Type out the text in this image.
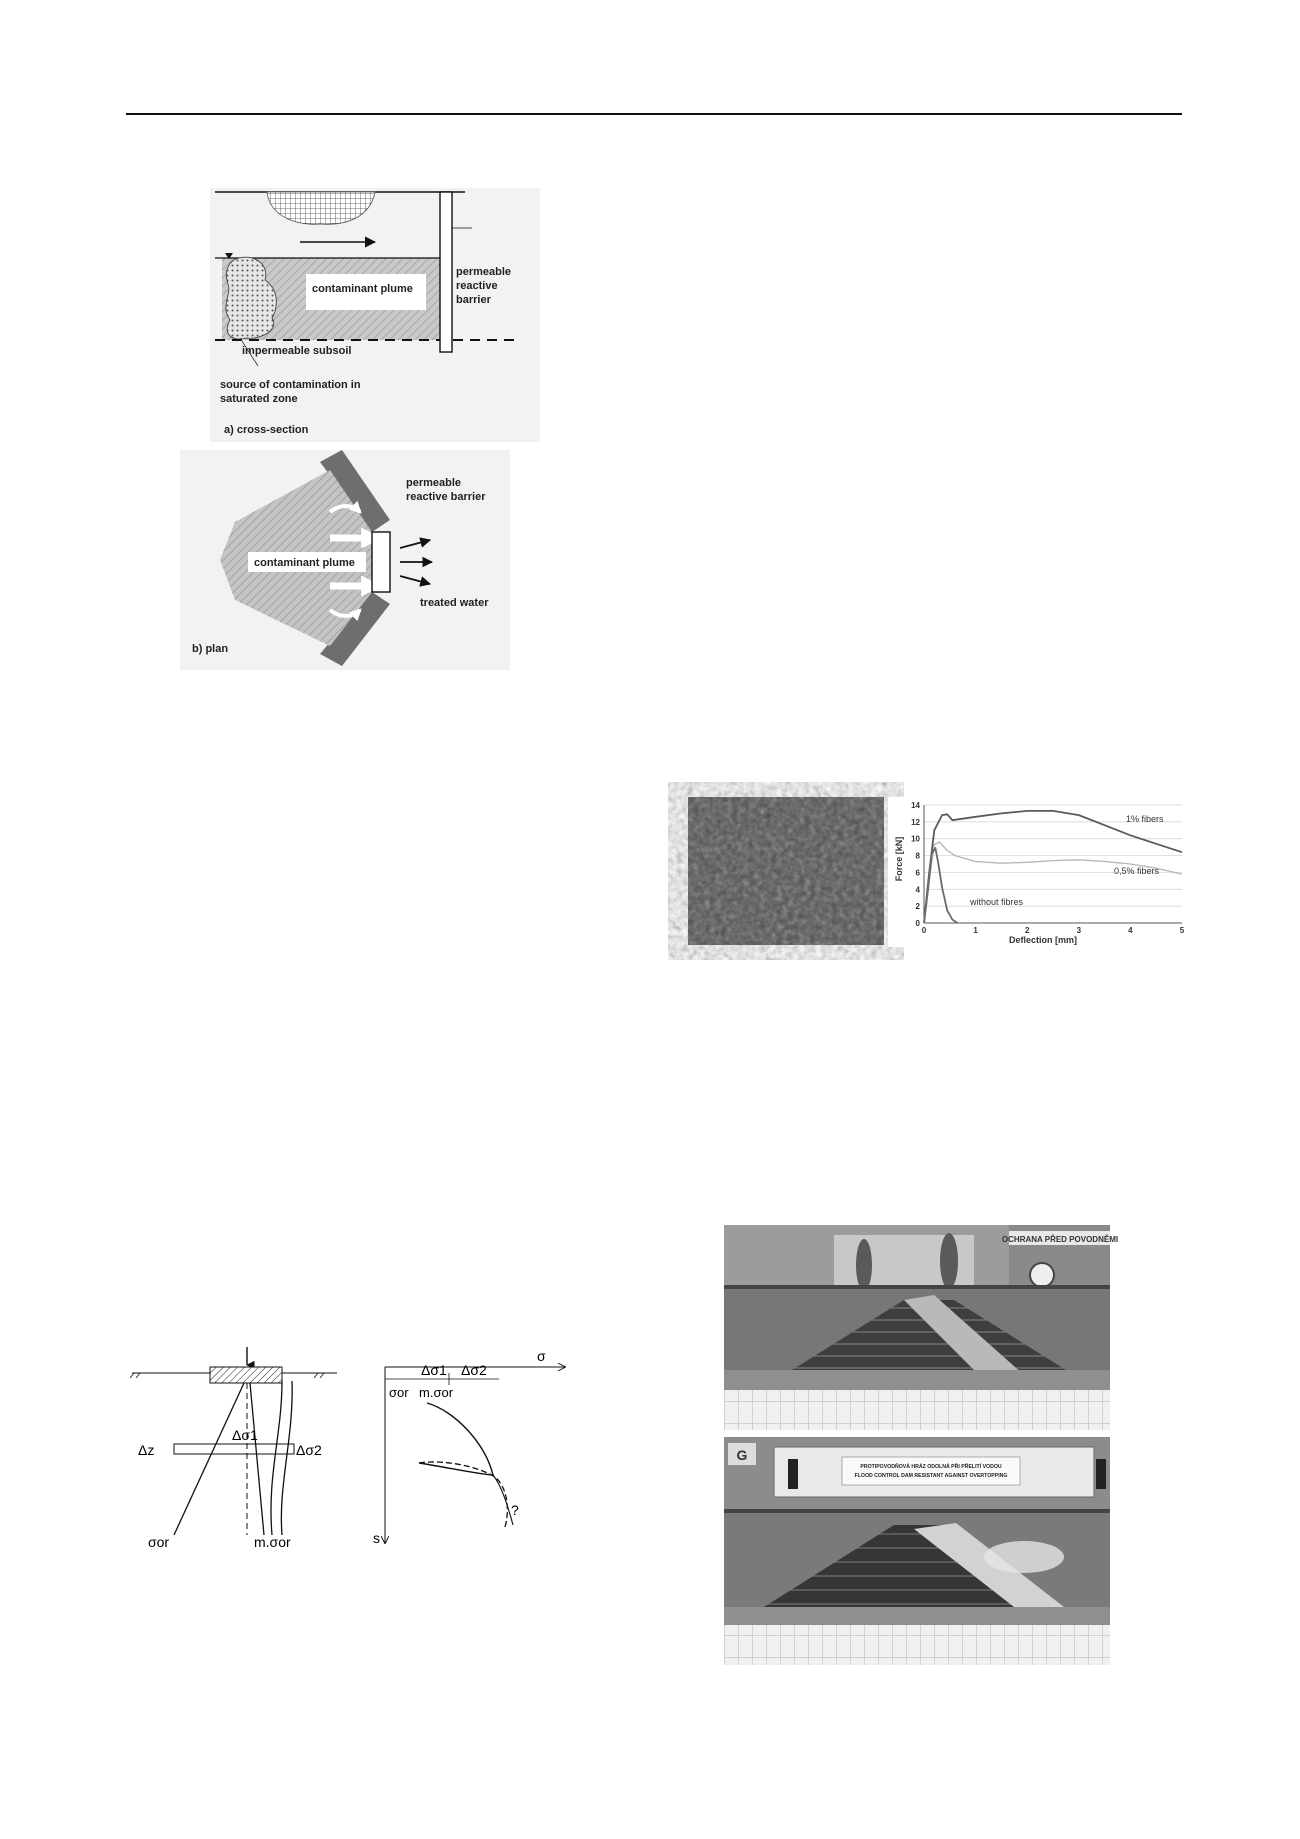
contaminant plume
impermeable subsoil
permeable
reactive
barrier
source of contamination in
saturated zone
a) cross-section
contaminant plume
permeable
reactive barrier
treated water
b) plan
Δσ1
Δz	Δσ2
σor	m.σor
σ
s
Δσ1 Δσ2
σor m.σor
?
0
2
4
6
8
10
12
14
0	1	2	3	4	5
Deflection [mm]
Force [kN]
1% fibers
0,5% fibers
without fibres
OCHRANA PŘED POVODNĚMI
G
PROTIPOVODŇOVÁ HRÁZ ODOLNÁ PŘI PŘELITÍ VODOU
FLOOD CONTROL DAM RESISTANT AGAINST OVERTOPPING
